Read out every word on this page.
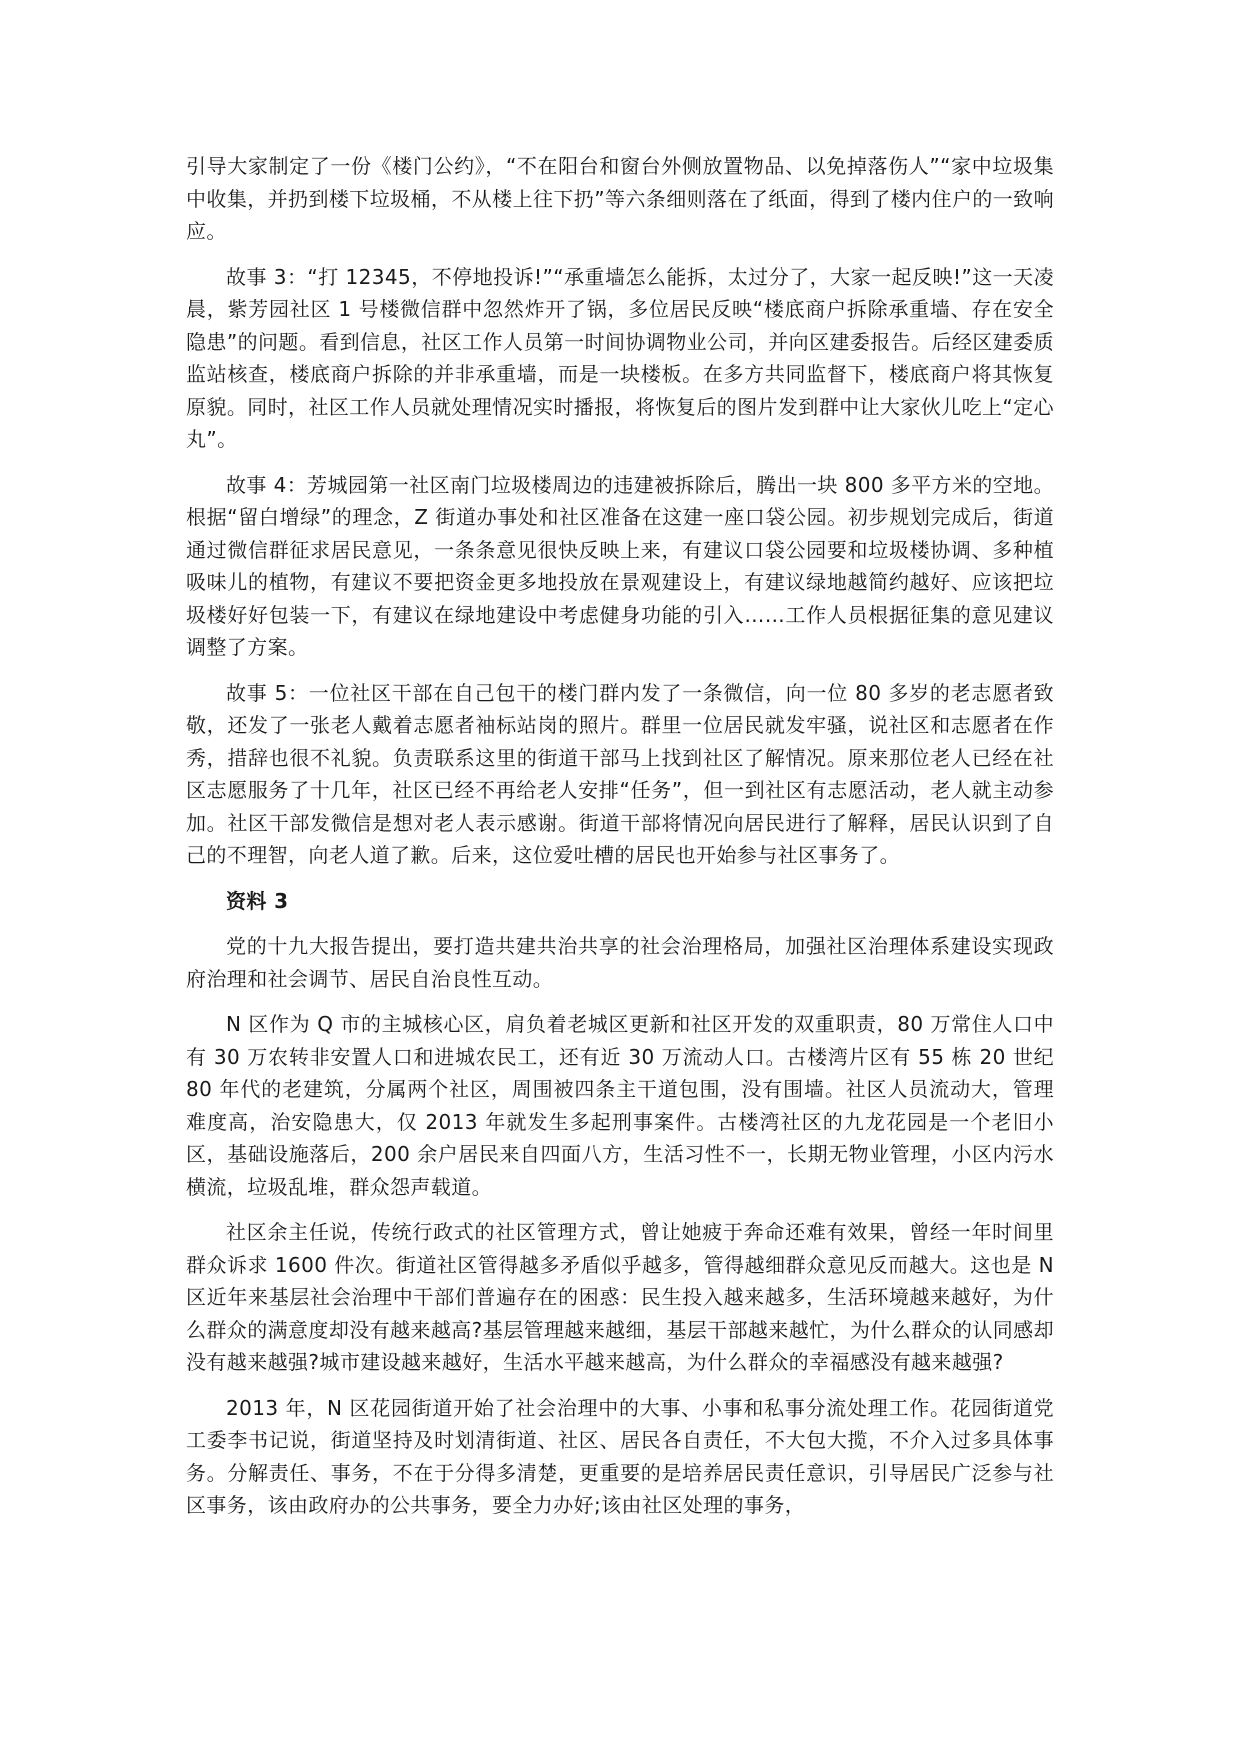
引导大家制定了一份《楼门公约》，“不在阳台和窗台外侧放置物品、以免掉落伤人”“家中垃圾集中收集，并扔到楼下垃圾桶，不从楼上往下扔”等六条细则落在了纸面，得到了楼内住户的一致响应。

故事 3：“打 12345，不停地投诉!”“承重墙怎么能拆，太过分了，大家一起反映!”这一天凌晨，紫芳园社区 1 号楼微信群中忽然炸开了锅，多位居民反映“楼底商户拆除承重墙、存在安全隐患”的问题。看到信息，社区工作人员第一时间协调物业公司，并向区建委报告。后经区建委质监站核查，楼底商户拆除的并非承重墙，而是一块楼板。在多方共同监督下，楼底商户将其恢复原貌。同时，社区工作人员就处理情况实时播报，将恢复后的图片发到群中让大家伙儿吃上“定心丸”。

故事 4：芳城园第一社区南门垃圾楼周边的违建被拆除后，腾出一块 800 多平方米的空地。根据“留白增绿”的理念，Z 街道办事处和社区准备在这建一座口袋公园。初步规划完成后，街道通过微信群征求居民意见，一条条意见很快反映上来，有建议口袋公园要和垃圾楼协调、多种植吸味儿的植物，有建议不要把资金更多地投放在景观建设上，有建议绿地越简约越好、应该把垃圾楼好好包装一下，有建议在绿地建设中考虑健身功能的引入……工作人员根据征集的意见建议调整了方案。

故事 5：一位社区干部在自己包干的楼门群内发了一条微信，向一位 80 多岁的老志愿者致敬，还发了一张老人戴着志愿者袖标站岗的照片。群里一位居民就发牢骚，说社区和志愿者在作秀，措辞也很不礼貌。负责联系这里的街道干部马上找到社区了解情况。原来那位老人已经在社区志愿服务了十几年，社区已经不再给老人安排“任务”，但一到社区有志愿活动，老人就主动参加。社区干部发微信是想对老人表示感谢。街道干部将情况向居民进行了解释，居民认识到了自己的不理智，向老人道了歉。后来，这位爱吐槽的居民也开始参与社区事务了。

资料 3

党的十九大报告提出，要打造共建共治共享的社会治理格局，加强社区治理体系建设实现政府治理和社会调节、居民自治良性互动。

N 区作为 Q 市的主城核心区，肩负着老城区更新和社区开发的双重职责，80 万常住人口中有 30 万农转非安置人口和进城农民工，还有近 30 万流动人口。古楼湾片区有 55 栋 20 世纪 80 年代的老建筑，分属两个社区，周围被四条主干道包围，没有围墙。社区人员流动大，管理难度高，治安隐患大，仅 2013 年就发生多起刑事案件。古楼湾社区的九龙花园是一个老旧小区，基础设施落后，200 余户居民来自四面八方，生活习性不一，长期无物业管理，小区内污水横流，垃圾乱堆，群众怨声载道。

社区余主任说，传统行政式的社区管理方式，曾让她疲于奔命还难有效果，曾经一年时间里群众诉求 1600 件次。街道社区管得越多矛盾似乎越多，管得越细群众意见反而越大。这也是 N 区近年来基层社会治理中干部们普遍存在的困惑：民生投入越来越多，生活环境越来越好，为什么群众的满意度却没有越来越高?基层管理越来越细，基层干部越来越忙，为什么群众的认同感却没有越来越强?城市建设越来越好，生活水平越来越高，为什么群众的幸福感没有越来越强?

2013 年，N 区花园街道开始了社会治理中的大事、小事和私事分流处理工作。花园街道党工委李书记说，街道坚持及时划清街道、社区、居民各自责任，不大包大揽，不介入过多具体事务。分解责任、事务，不在于分得多清楚，更重要的是培养居民责任意识，引导居民广泛参与社区事务，该由政府办的公共事务，要全力办好;该由社区处理的事务，
